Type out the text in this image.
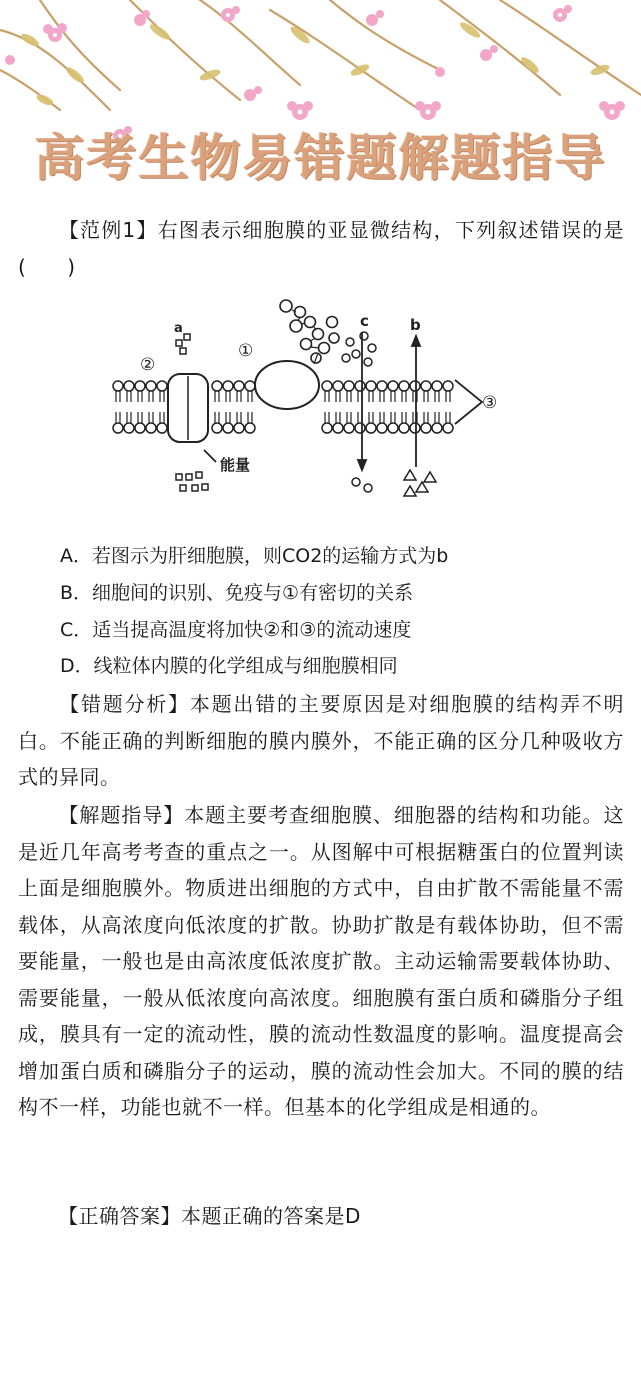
高考生物易错题解题指导
【范例1】右图表示细胞膜的亚显微结构，下列叙述错误的是(　　)
a	c	b
②
①
③
能量
A．若图示为肝细胞膜，则CO2的运输方式为b
B．细胞间的识别、免疫与①有密切的关系
C．适当提高温度将加快②和③的流动速度
D．线粒体内膜的化学组成与细胞膜相同
【错题分析】本题出错的主要原因是对细胞膜的结构弄不明白。不能正确的判断细胞的膜内膜外，不能正确的区分几种吸收方式的异同。
【解题指导】本题主要考查细胞膜、细胞器的结构和功能。这是近几年高考考查的重点之一。从图解中可根据糖蛋白的位置判读上面是细胞膜外。物质进出细胞的方式中，自由扩散不需能量不需载体，从高浓度向低浓度的扩散。协助扩散是有载体协助，但不需要能量，一般也是由高浓度低浓度扩散。主动运输需要载体协助、需要能量，一般从低浓度向高浓度。细胞膜有蛋白质和磷脂分子组成，膜具有一定的流动性，膜的流动性数温度的影响。温度提高会增加蛋白质和磷脂分子的运动，膜的流动性会加大。不同的膜的结构不一样，功能也就不一样。但基本的化学组成是相通的。
【正确答案】本题正确的答案是D
